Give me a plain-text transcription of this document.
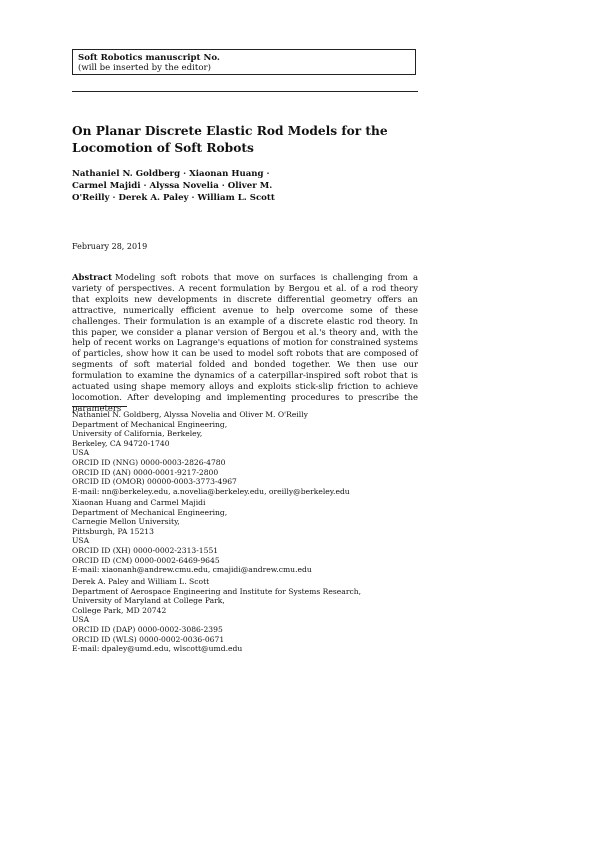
Soft Robotics manuscript No.
(will be inserted by the editor)
On Planar Discrete Elastic Rod Models for the Locomotion of Soft Robots
Nathaniel N. Goldberg · Xiaonan Huang ·
Carmel Majidi · Alyssa Novelia · Oliver M.
O'Reilly · Derek A. Paley · William L. Scott
February 28, 2019

Abstract Modeling soft robots that move on surfaces is challenging from a variety of perspectives. A recent formulation by Bergou et al. of a rod theory that exploits new developments in discrete differential geometry offers an attractive, numerically efficient avenue to help overcome some of these challenges. Their formulation is an example of a discrete elastic rod theory. In this paper, we consider a planar version of Bergou et al.'s theory and, with the help of recent works on Lagrange's equations of motion for constrained systems of particles, show how it can be used to model soft robots that are composed of segments of soft material folded and bonded together. We then use our formulation to examine the dynamics of a caterpillar-inspired soft robot that is actuated using shape memory alloys and exploits stick-slip friction to achieve locomotion. After developing and implementing procedures to prescribe the parameters

Nathaniel N. Goldberg, Alyssa Novelia and Oliver M. O'Reilly
Department of Mechanical Engineering,
University of California, Berkeley,
Berkeley, CA 94720-1740
USA
ORCID ID (NNG) 0000-0003-2826-4780
ORCID ID (AN) 0000-0001-9217-2800
ORCID ID (OMOR) 00000-0003-3773-4967
E-mail: nn@berkeley.edu, a.novelia@berkeley.edu, oreilly@berkeley.edu
Xiaonan Huang and Carmel Majidi
Department of Mechanical Engineering,
Carnegie Mellon University,
Pittsburgh, PA 15213
USA
ORCID ID (XH) 0000-0002-2313-1551
ORCID ID (CM) 0000-0002-6469-9645
E-mail: xiaonanh@andrew.cmu.edu, cmajidi@andrew.cmu.edu
Derek A. Paley and William L. Scott
Department of Aerospace Engineering and Institute for Systems Research,
University of Maryland at College Park,
College Park, MD 20742
USA
ORCID ID (DAP) 0000-0002-3086-2395
ORCID ID (WLS) 0000-0002-0036-0671
E-mail: dpaley@umd.edu, wlscott@umd.edu
